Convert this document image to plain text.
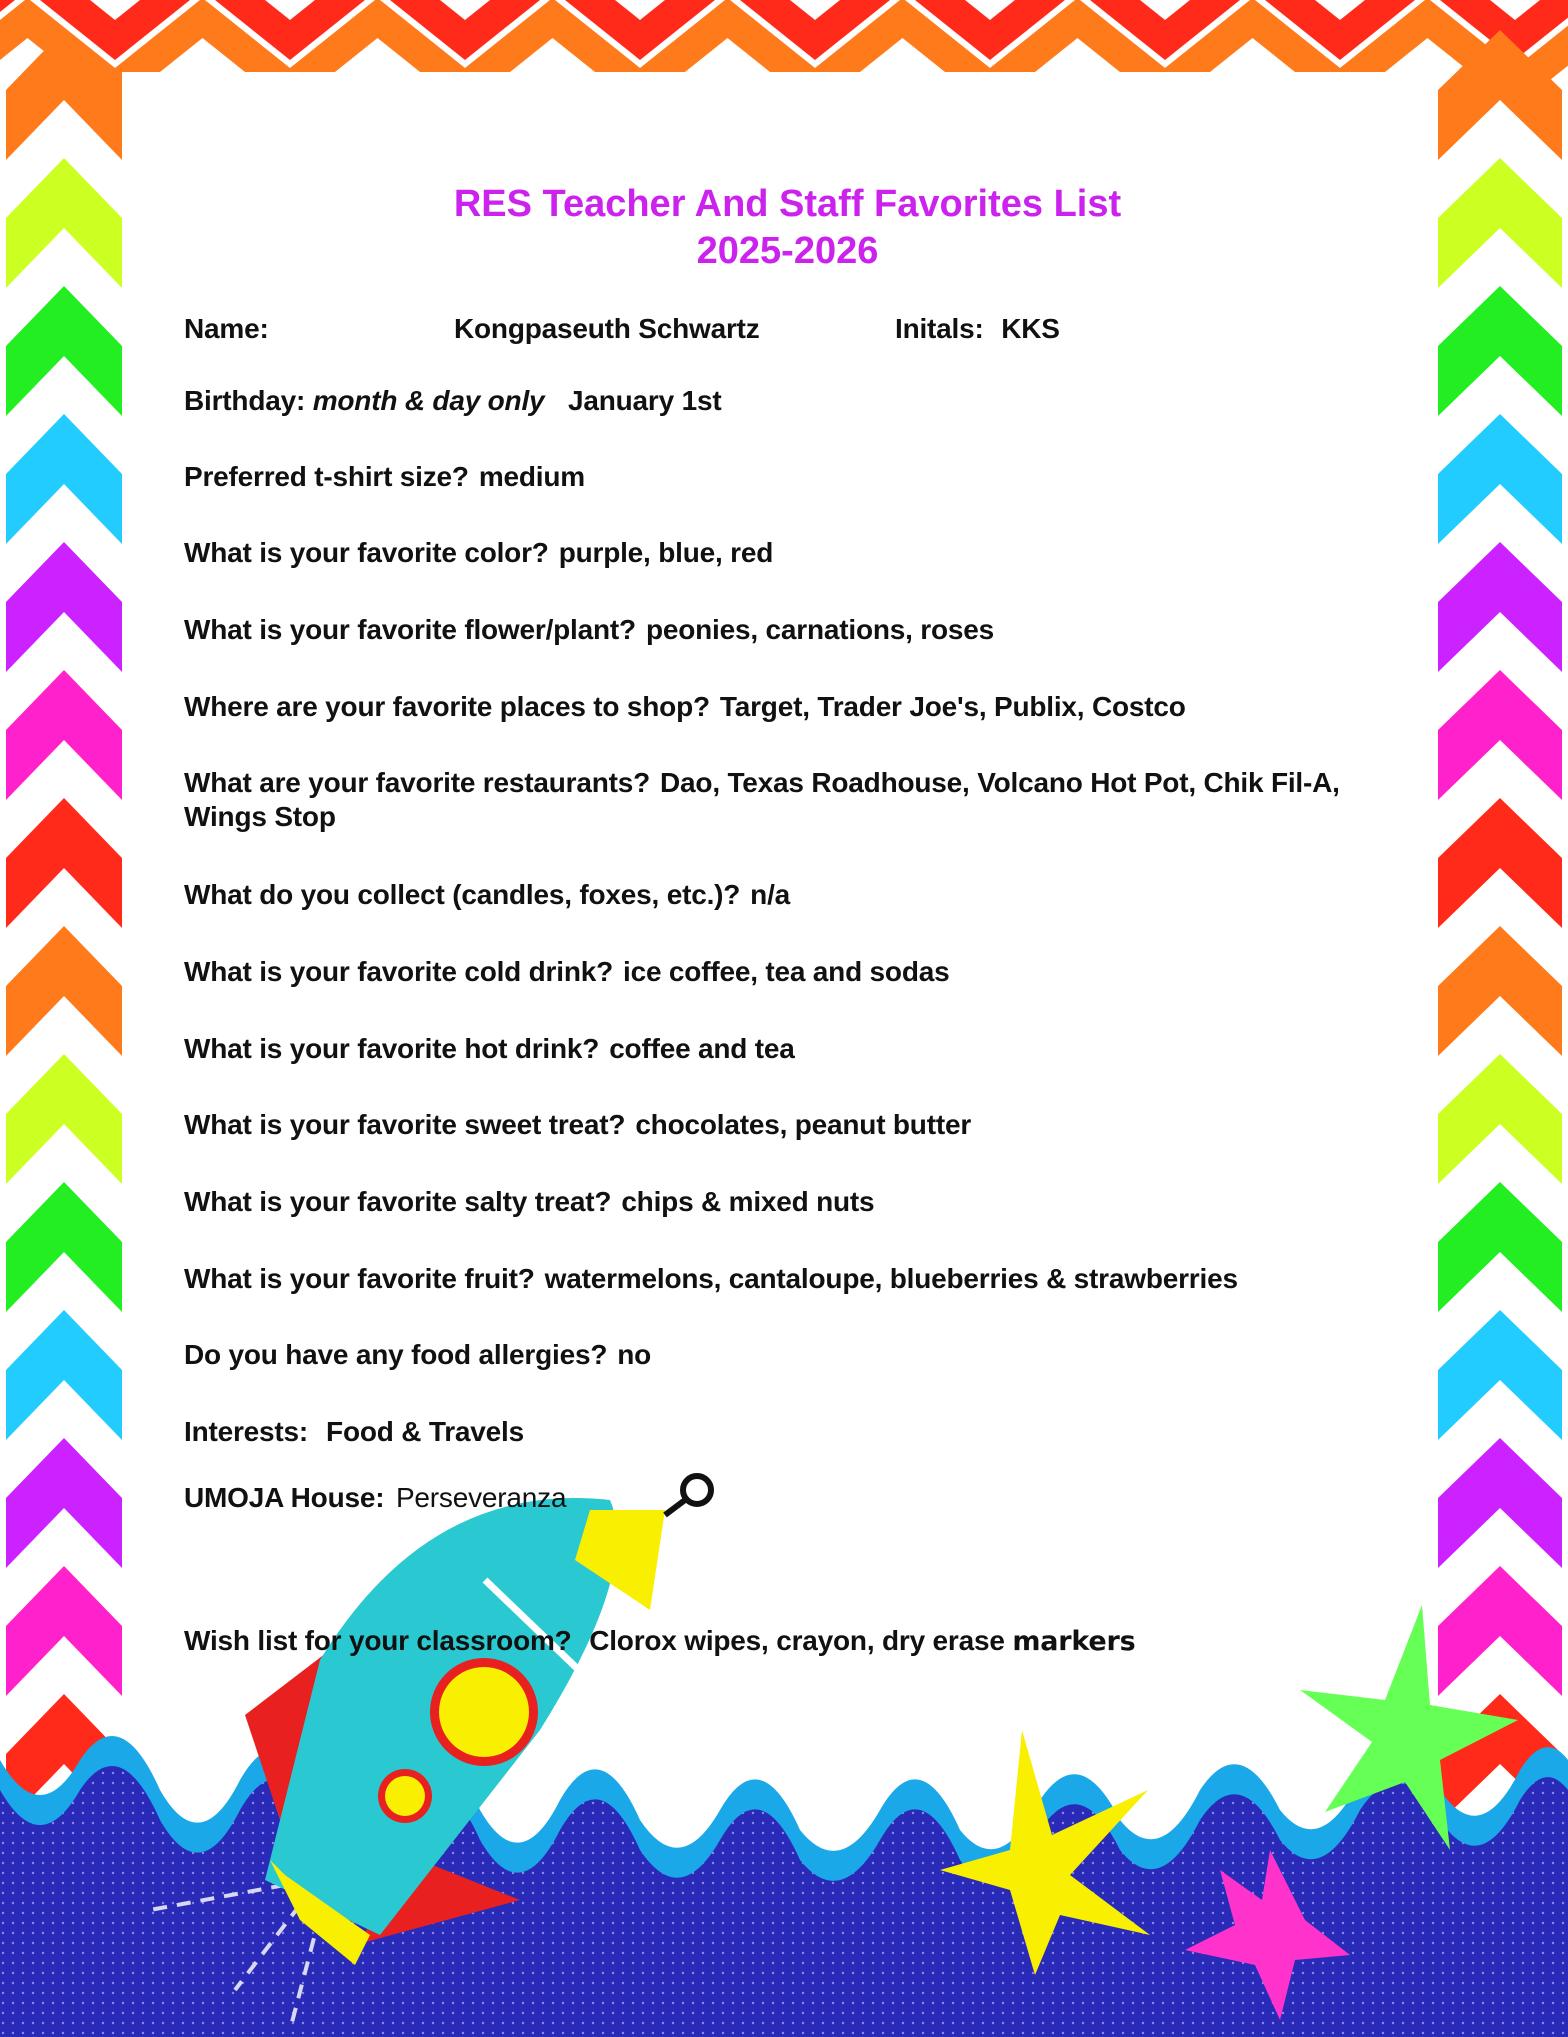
RES Teacher And Staff Favorites List
2025-2026
Name:	Kongpaseuth Schwartz	Initals: KKS
Birthday: month & day only January 1st
Preferred t-shirt size? medium
What is your favorite color? purple, blue, red
What is your favorite flower/plant? peonies, carnations, roses
Where are your favorite places to shop? Target, Trader Joe's, Publix, Costco
What are your favorite restaurants? Dao, Texas Roadhouse, Volcano Hot Pot, Chik Fil-A, Wings Stop
What do you collect (candles, foxes, etc.)? n/a
What is your favorite cold drink? ice coffee, tea and sodas
What is your favorite hot drink? coffee and tea
What is your favorite sweet treat? chocolates, peanut butter
What is your favorite salty treat? chips & mixed nuts
What is your favorite fruit? watermelons, cantaloupe, blueberries & strawberries
Do you have any food allergies? no
Interests: Food & Travels
UMOJA House: Perseveranza
Wish list for your classroom? Clorox wipes, crayon, dry erase markers
